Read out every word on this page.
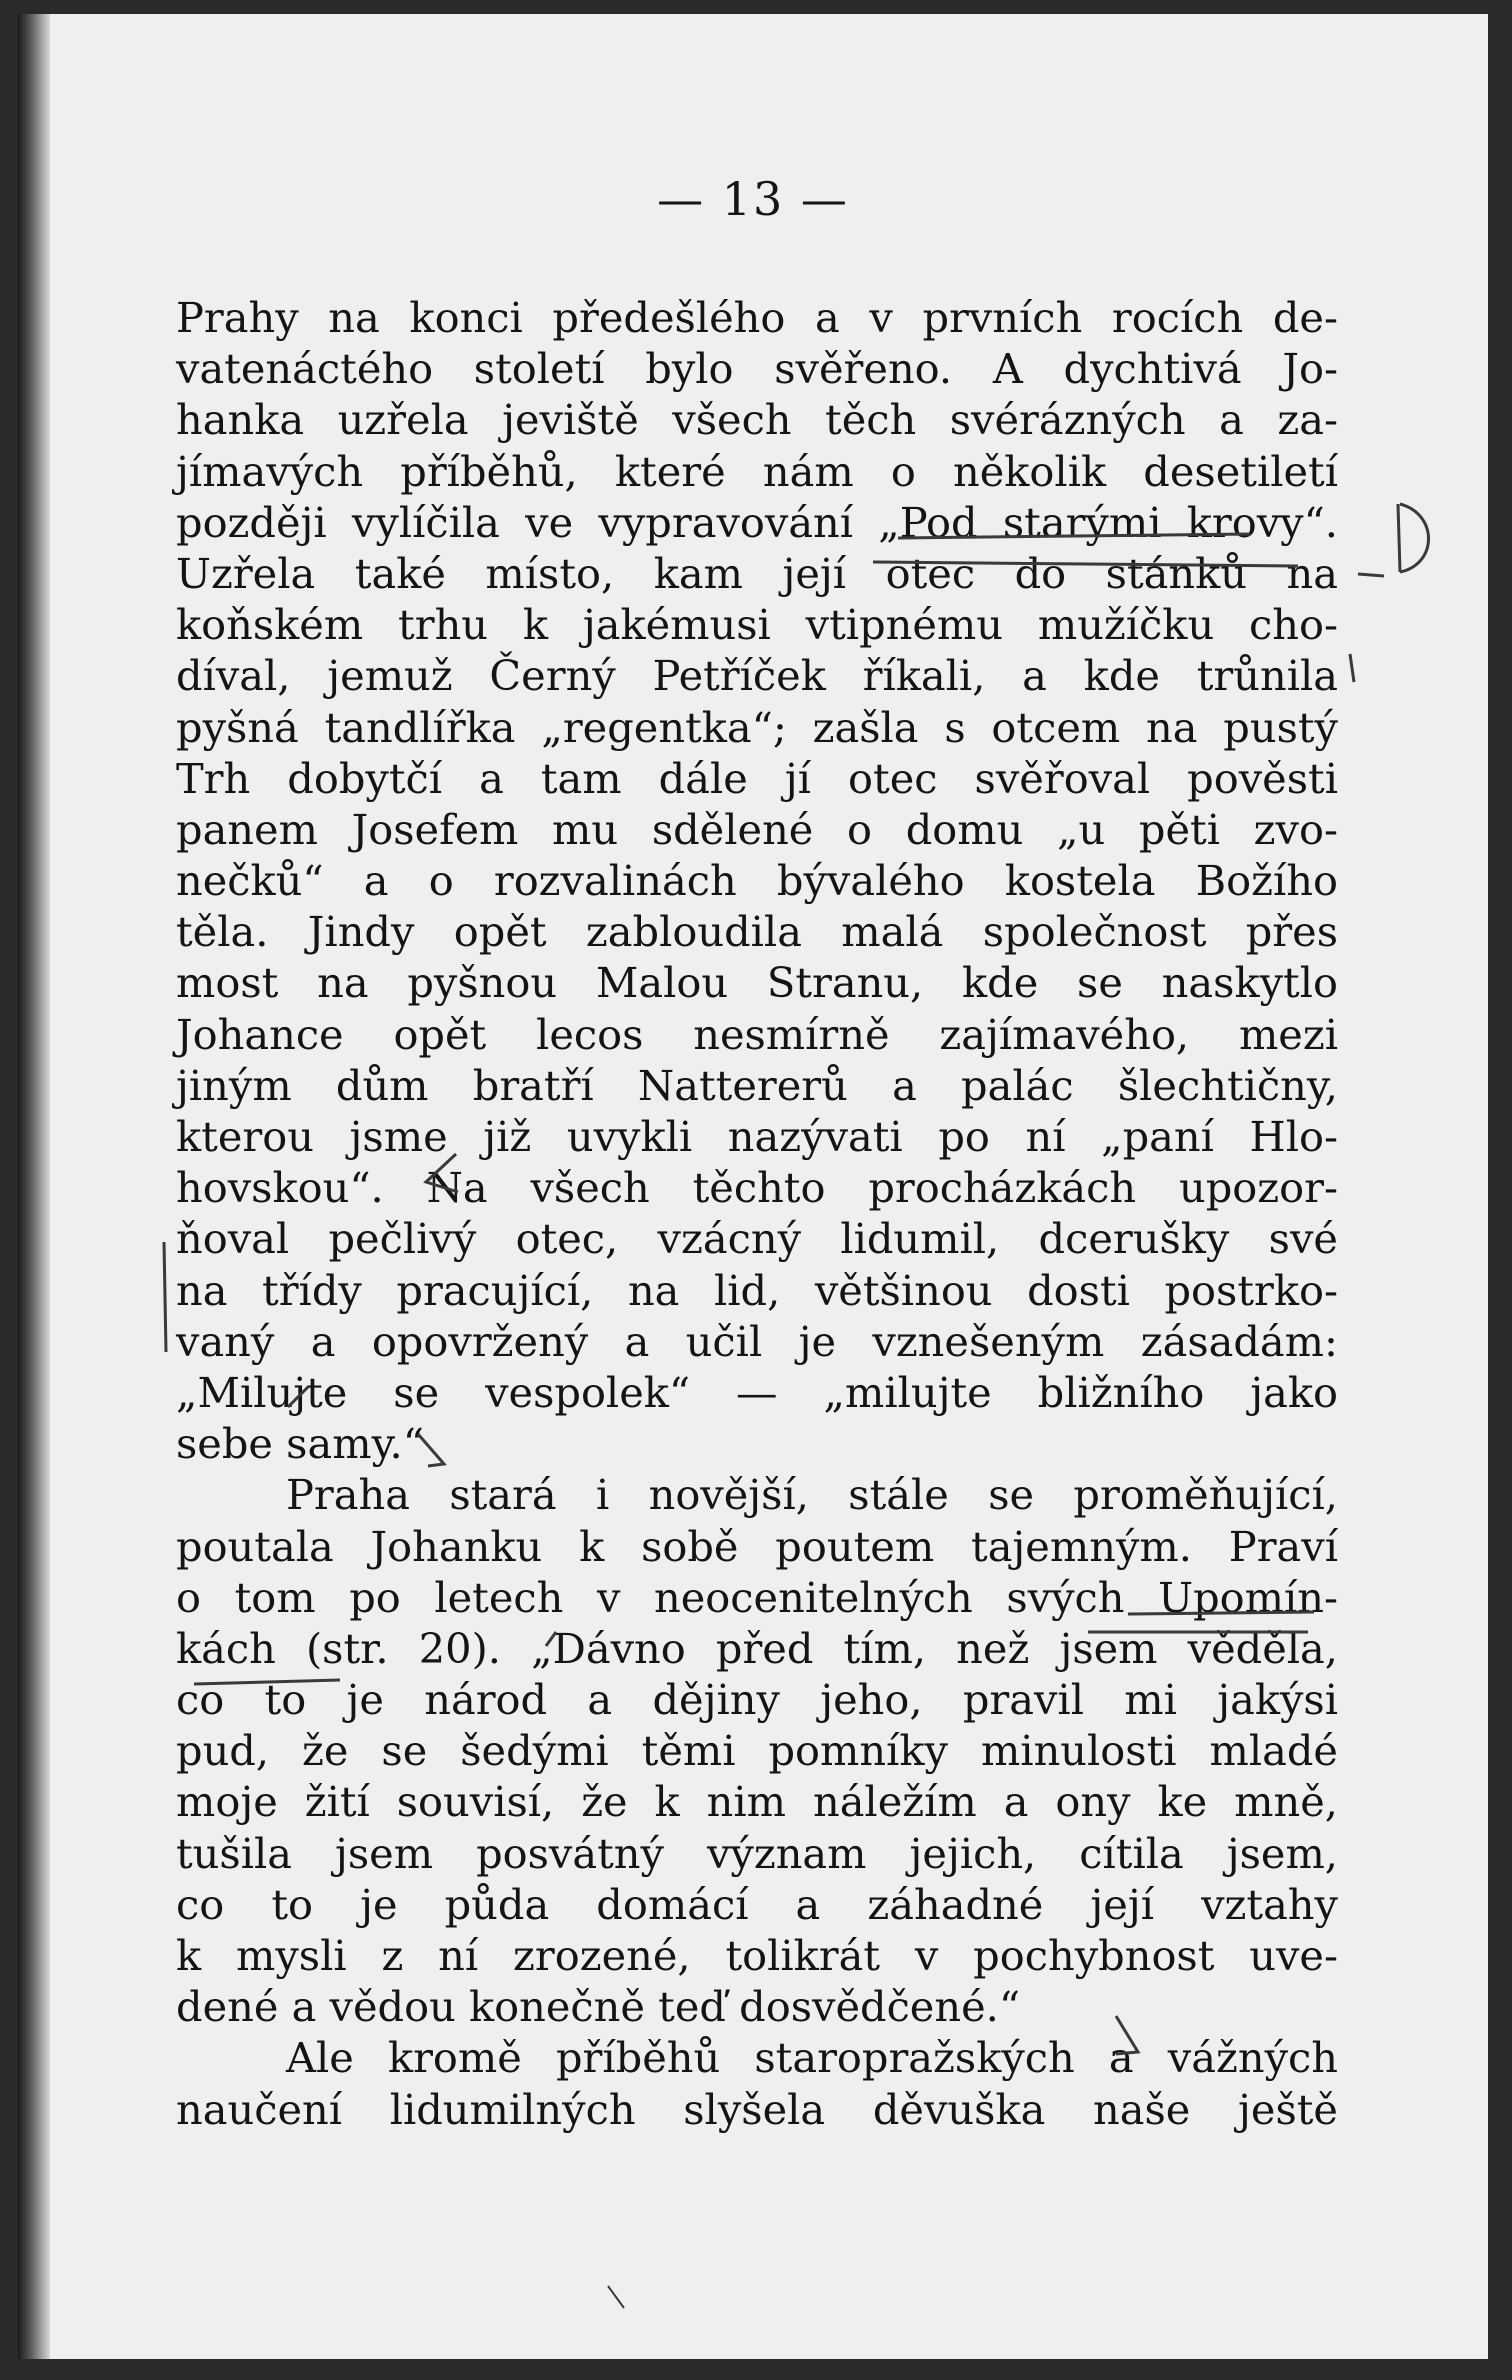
— 13 —
Prahy na konci předešlého a v prvních rocích de-
vatenáctého století bylo svěřeno. A dychtivá Jo-
hanka uzřela jeviště všech těch svérázných a za-
jímavých příběhů, které nám o několik desetiletí
později vylíčila ve vypravování „Pod starými krovy“.
Uzřela také místo, kam její otec do stánků na
koňském trhu k jakémusi vtipnému mužíčku cho-
díval, jemuž Černý Petříček říkali, a kde trůnila
pyšná tandlířka „regentka“; zašla s otcem na pustý
Trh dobytčí a tam dále jí otec svěřoval pověsti
panem Josefem mu sdělené o domu „u pěti zvo-
nečků“ a o rozvalinách bývalého kostela Božího
těla. Jindy opět zabloudila malá společnost přes
most na pyšnou Malou Stranu, kde se naskytlo
Johance opět lecos nesmírně zajímavého, mezi
jiným dům bratří Nattererů a palác šlechtičny,
kterou jsme již uvykli nazývati po ní „paní Hlo-
hovskou“. Na všech těchto procházkách upozor-
ňoval pečlivý otec, vzácný lidumil, dcerušky své
na třídy pracující, na lid, většinou dosti postrko-
vaný a opovržený a učil je vznešeným zásadám:
„Milujte se vespolek“ — „milujte bližního jako
sebe samy.“
Praha stará i novější, stále se proměňující,
poutala Johanku k sobě poutem tajemným. Praví
o tom po letech v neocenitelných svých Upomín-
kách (str. 20). „Dávno před tím, než jsem věděla,
co to je národ a dějiny jeho, pravil mi jakýsi
pud, že se šedými těmi pomníky minulosti mladé
moje žití souvisí, že k nim náležím a ony ke mně,
tušila jsem posvátný význam jejich, cítila jsem,
co to je půda domácí a záhadné její vztahy
k mysli z ní zrozené, tolikrát v pochybnost uve-
dené a vědou konečně teď dosvědčené.“
Ale kromě příběhů staropražských a vážných
naučení lidumilných slyšela děvuška naše ještě
